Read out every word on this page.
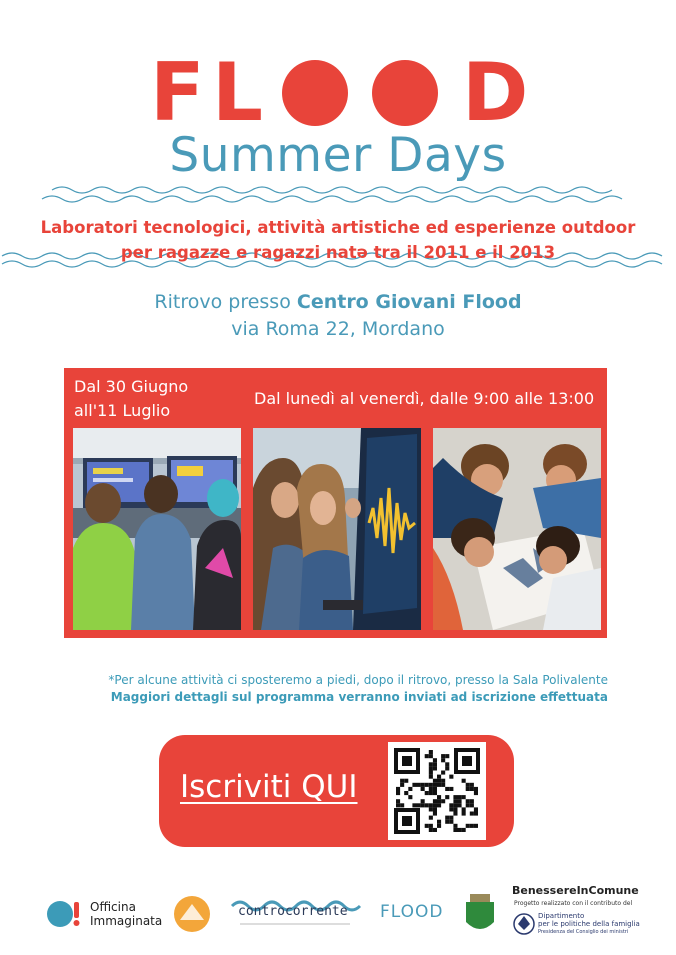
F L D
Summer Days
Laboratori tecnologici, attività artistiche ed esperienze outdoor
per ragazze e ragazzi natə tra il 2011 e il 2013
Ritrovo presso Centro Giovani Flood
via Roma 22, Mordano
Dal 30 Giugno
all'11 Luglio
Dal lunedì al venerdì, dalle 9:00 alle 13:00
*Per alcune attività ci sposteremo a piedi, dopo il ritrovo, presso la Sala Polivalente
Maggiori dettagli sul programma verranno inviati ad iscrizione effettuata
Iscriviti QUI
Officina
Immaginata
controcorrente FLOOD
BenessereInComune
Progetto realizzato con il contributo del
Dipartimento
per le politiche della famiglia
Presidenza del Consiglio dei ministri
